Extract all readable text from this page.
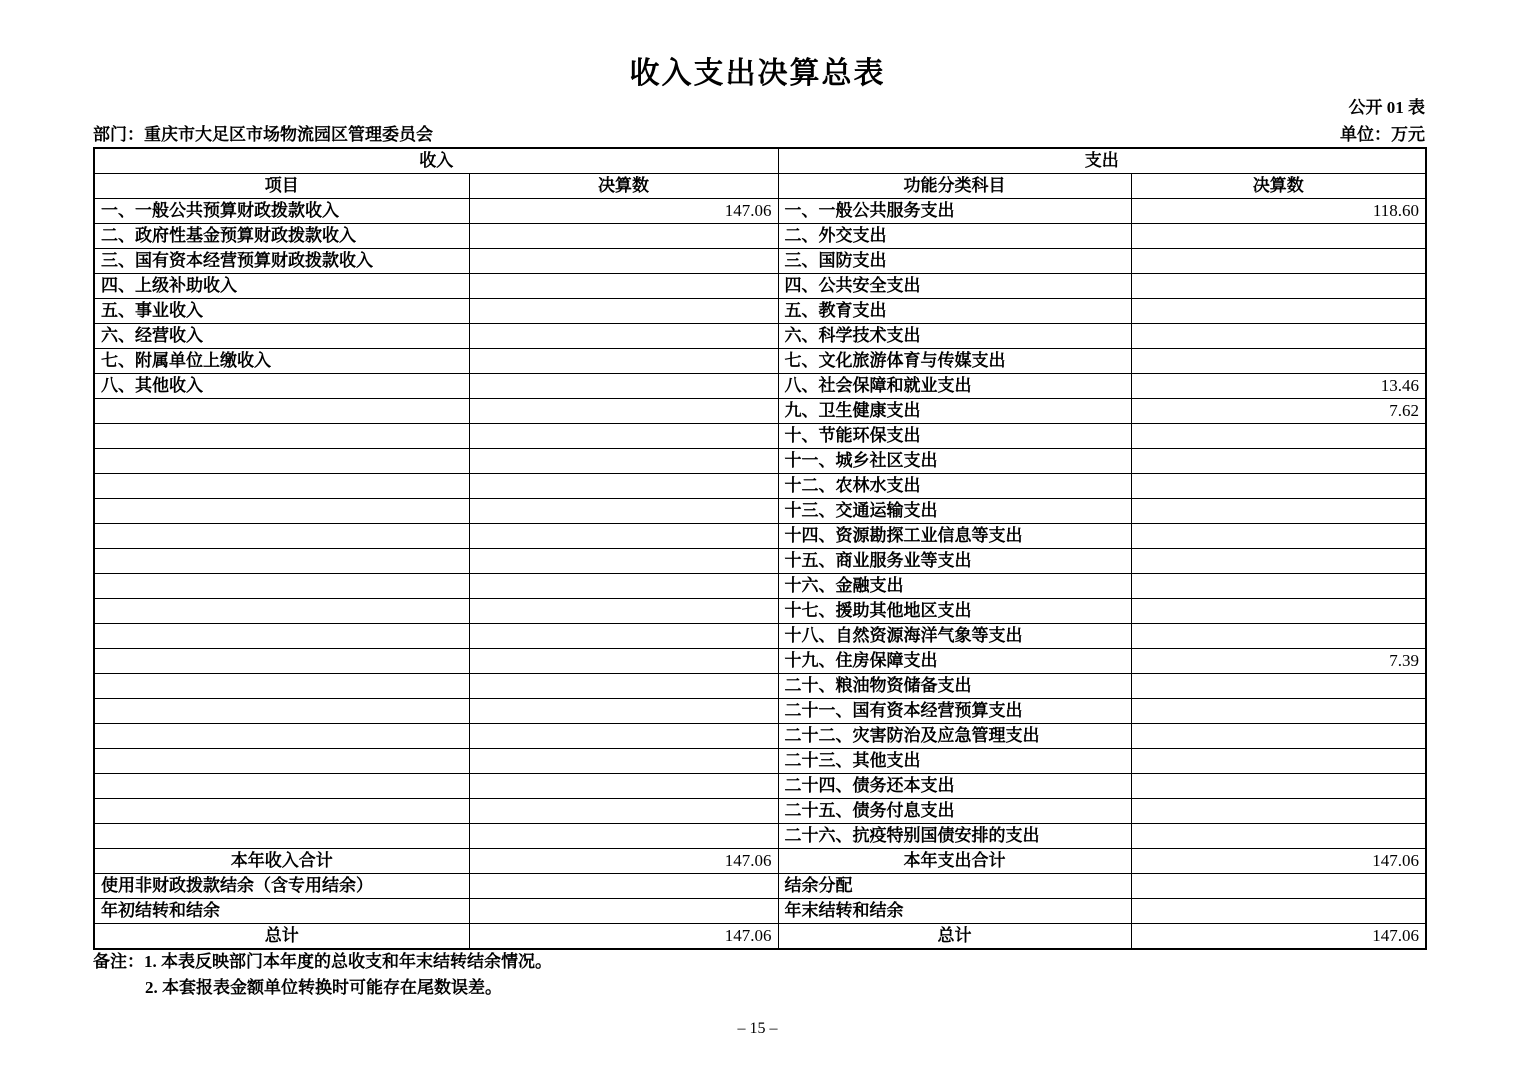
收入支出决算总表
公开 01 表
部门：重庆市大足区市场物流园区管理委员会	单位：万元
收入		支出	
项目	决算数	功能分类科目	决算数
一、一般公共预算财政拨款收入	147.06	一、一般公共服务支出	118.60
二、政府性基金预算财政拨款收入		二、外交支出	
三、国有资本经营预算财政拨款收入		三、国防支出	
四、上级补助收入		四、公共安全支出	
五、事业收入		五、教育支出	
六、经营收入		六、科学技术支出	
七、附属单位上缴收入		七、文化旅游体育与传媒支出	
八、其他收入		八、社会保障和就业支出	13.46
		九、卫生健康支出	7.62
		十、节能环保支出	
		十一、城乡社区支出	
		十二、农林水支出	
		十三、交通运输支出	
		十四、资源勘探工业信息等支出	
		十五、商业服务业等支出	
		十六、金融支出	
		十七、援助其他地区支出	
		十八、自然资源海洋气象等支出	
		十九、住房保障支出	7.39
		二十、粮油物资储备支出	
		二十一、国有资本经营预算支出	
		二十二、灾害防治及应急管理支出	
		二十三、其他支出	
		二十四、债务还本支出	
		二十五、债务付息支出	
		二十六、抗疫特别国债安排的支出	
本年收入合计	147.06	本年支出合计	147.06
使用非财政拨款结余（含专用结余）		结余分配	
年初结转和结余		年末结转和结余	
总计	147.06	总计	147.06
备注：1. 本表反映部门本年度的总收支和年末结转结余情况。
2. 本套报表金额单位转换时可能存在尾数误差。
– 15 –
